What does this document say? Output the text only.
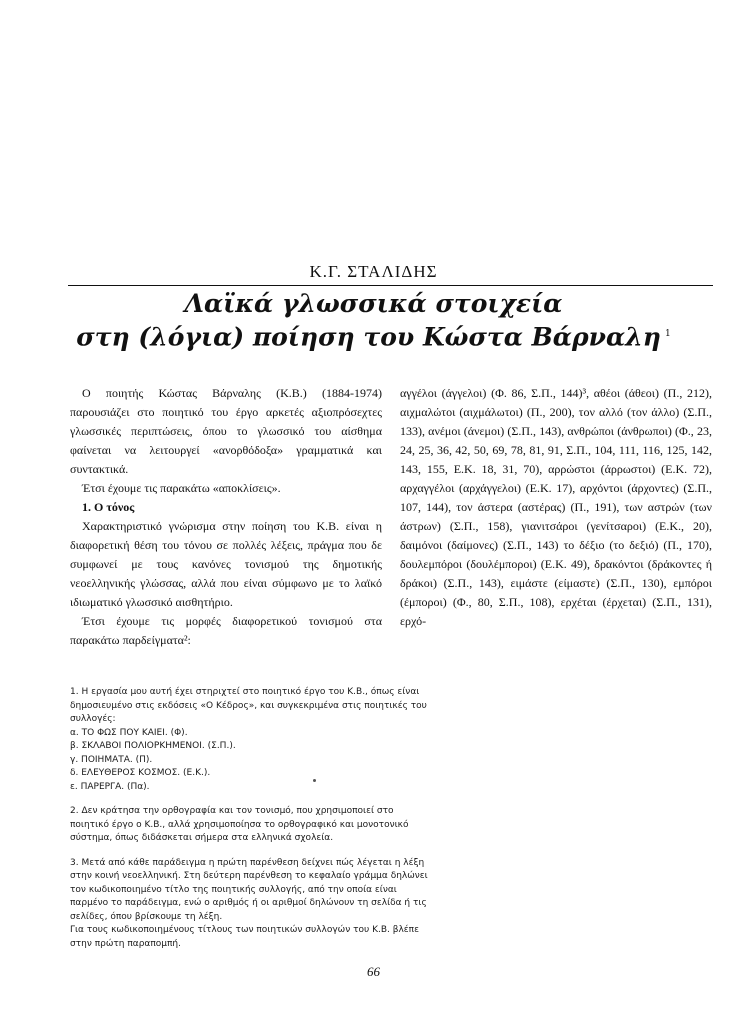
Κ.Γ. ΣΤΑΛΙΔΗΣ
Λαϊκά γλωσσικά στοιχεία
στη (λόγια) ποίηση του Κώστα Βάρναλη $^1$

Ο ποιητής Κώστας Βάρναλης (Κ.Β.) (1884-1974) παρουσιάζει στο ποιητικό του έργο αρκετές αξιοπρόσεχτες γλωσσικές περιπτώσεις, όπου το γλωσσικό του αίσθημα φαίνεται να λειτουργεί «ανορθόδοξα» γραμματικά και συντακτικά.

Έτσι έχουμε τις παρακάτω «αποκλίσεις».

1. Ο τόνος

Χαρακτηριστικό γνώρισμα στην ποίηση του Κ.Β. είναι η διαφορετική θέση του τόνου σε πολλές λέξεις, πράγμα που δε συμφωνεί με τους κανόνες τονισμού της δημοτικής νεοελληνικής γλώσσας, αλλά που είναι σύμφωνο με το λαϊκό ιδιωματικό γλωσσικό αισθητήριο.

Έτσι έχουμε τις μορφές διαφορετικού τονισμού στα παρακάτω παρδείγματα²:

αγγέλοι (άγγελοι) (Φ. 86, Σ.Π., 144)³, αθέοι (άθεοι) (Π., 212), αιχμαλώτοι (αιχμάλωτοι) (Π., 200), τον αλλό (τον άλλο) (Σ.Π., 133), ανέμοι (άνεμοι) (Σ.Π., 143), ανθρώποι (άνθρωποι) (Φ., 23, 24, 25, 36, 42, 50, 69, 78, 81, 91, Σ.Π., 104, 111, 116, 125, 142, 143, 155, Ε.Κ. 18, 31, 70), αρρώστοι (άρρωστοι) (Ε.Κ. 72), αρχαγγέλοι (αρχάγγελοι) (Ε.Κ. 17), αρχόντοι (άρχοντες) (Σ.Π., 107, 144), τον άστερα (αστέρας) (Π., 191), των αστρών (των άστρων) (Σ.Π., 158), γιανιτσάροι (γενίτσαροι) (Ε.Κ., 20), δαιμόνοι (δαίμονες) (Σ.Π., 143) το δέξιο (το δεξιό) (Π., 170), δουλεμπόροι (δουλέμποροι) (Ε.Κ. 49), δρακόντοι (δράκοντες ή δράκοι) (Σ.Π., 143), ειμάστε (είμαστε) (Σ.Π., 130), εμπόροι (έμποροι) (Φ., 80, Σ.Π., 108), ερχέται (έρχεται) (Σ.Π., 131), ερχό-

1. Η εργασία μου αυτή έχει στηριχτεί στο ποιητικό έργο του Κ.Β., όπως είναι
δημοσιευμένο στις εκδόσεις «Ο Κέδρος», και συγκεκριμένα στις ποιητικές του
συλλογές:
α. ΤΟ ΦΩΣ ΠΟΥ ΚΑΙΕΙ. (Φ).
β. ΣΚΛΑΒΟΙ ΠΟΛΙΟΡΚΗΜΕΝΟΙ. (Σ.Π.).
γ. ΠΟΙΗΜΑΤΑ. (Π).
δ. ΕΛΕΥΘΕΡΟΣ ΚΟΣΜΟΣ. (Ε.Κ.).
ε. ΠΑΡΕΡΓΑ. (Πα).
2. Δεν κράτησα την ορθογραφία και τον τονισμό, που χρησιμοποιεί στο
ποιητικό έργο ο Κ.Β., αλλά χρησιμοποίησα το ορθογραφικό και μονοτονικό
σύστημα, όπως διδάσκεται σήμερα στα ελληνικά σχολεία.
3. Μετά από κάθε παράδειγμα η πρώτη παρένθεση δείχνει πώς λέγεται η λέξη
στην κοινή νεοελληνική. Στη δεύτερη παρένθεση το κεφαλαίο γράμμα δηλώνει
τον κωδικοποιημένο τίτλο της ποιητικής συλλογής, από την οποία είναι
παρμένο το παράδειγμα, ενώ ο αριθμός ή οι αριθμοί δηλώνουν τη σελίδα ή τις
σελίδες, όπου βρίσκουμε τη λέξη.
Για τους κωδικοποιημένους τίτλους των ποιητικών συλλογών του Κ.Β. βλέπε
στην πρώτη παραπομπή.
66
